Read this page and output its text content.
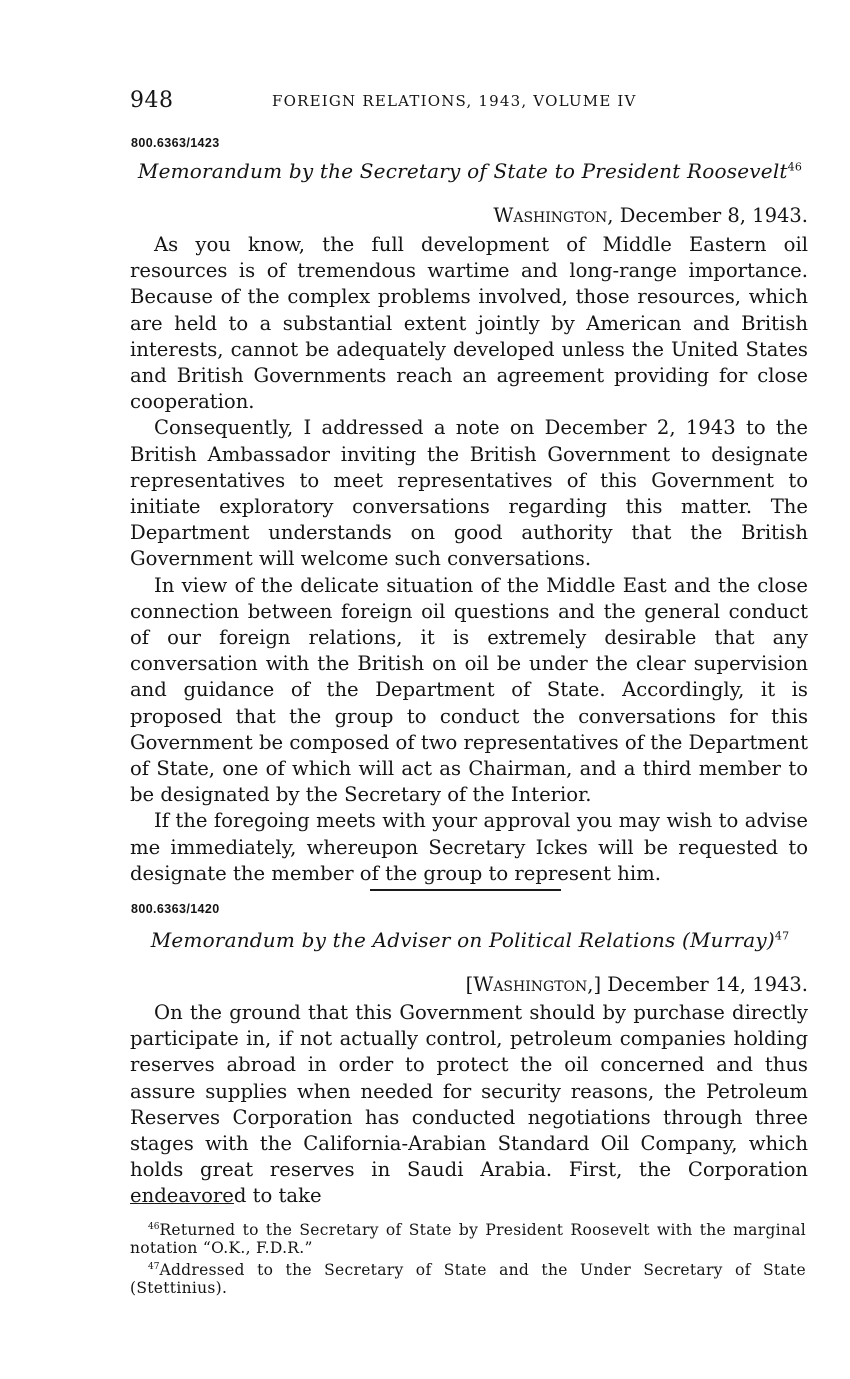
948	FOREIGN RELATIONS, 1943, VOLUME IV
800.6363/1423
Memorandum by the Secretary of State to President Roosevelt$^{46}$
Washington, December 8, 1943.

As you know, the full development of Middle Eastern oil resources is of tremendous wartime and long-range importance. Because of the complex problems involved, those resources, which are held to a substantial extent jointly by American and British interests, cannot be adequately developed unless the United States and British Governments reach an agreement providing for close cooperation.

Consequently, I addressed a note on December 2, 1943 to the British Ambassador inviting the British Government to designate representatives to meet representatives of this Government to initiate exploratory conversations regarding this matter. The Department understands on good authority that the British Government will welcome such conversations.

In view of the delicate situation of the Middle East and the close connection between foreign oil questions and the general conduct of our foreign relations, it is extremely desirable that any conversation with the British on oil be under the clear supervision and guidance of the Department of State. Accordingly, it is proposed that the group to conduct the conversations for this Government be composed of two representatives of the Department of State, one of which will act as Chairman, and a third member to be designated by the Secretary of the Interior.

If the foregoing meets with your approval you may wish to advise me immediately, whereupon Secretary Ickes will be requested to designate the member of the group to represent him.

800.6363/1420
Memorandum by the Adviser on Political Relations (Murray)$^{47}$
[Washington,] December 14, 1943.

On the ground that this Government should by purchase directly participate in, if not actually control, petroleum companies holding reserves abroad in order to protect the oil concerned and thus assure supplies when needed for security reasons, the Petroleum Reserves Corporation has conducted negotiations through three stages with the California-Arabian Standard Oil Company, which holds great reserves in Saudi Arabia. First, the Corporation endeavored to take

$^{46}$Returned to the Secretary of State by President Roosevelt with the marginal notation “O.K., F.D.R.”

$^{47}$Addressed to the Secretary of State and the Under Secretary of State (Stettinius).
